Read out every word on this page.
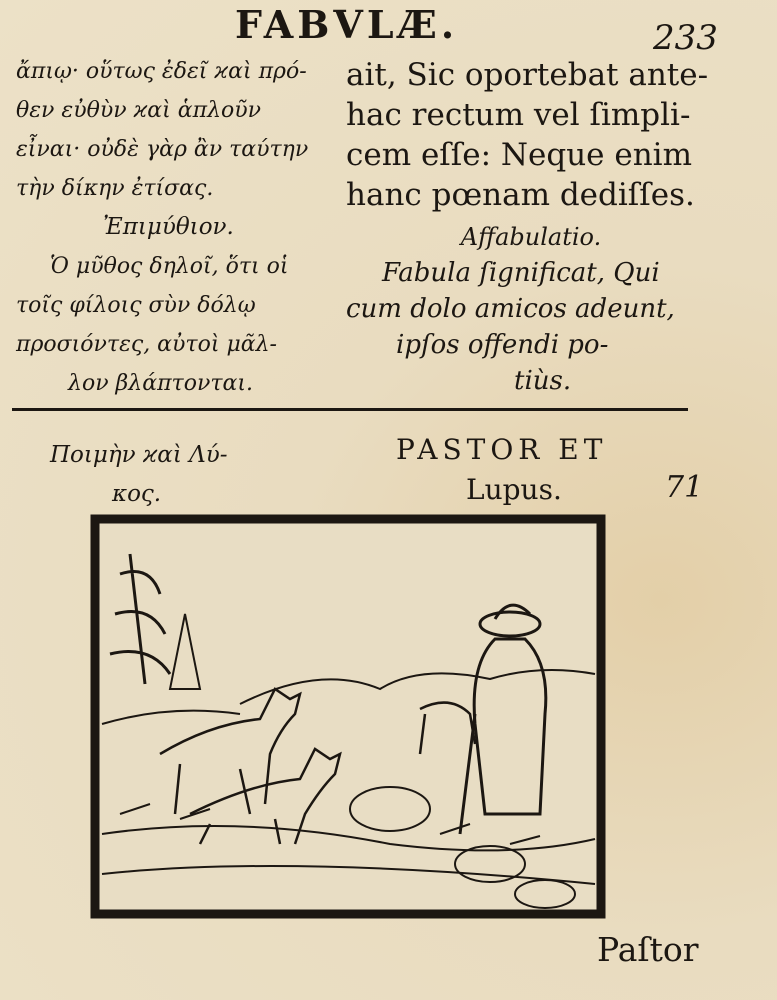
FABVLÆ.	233
ἄπιῳ· οὕτως ἐδεῖ ϰαὶ πρό-
θεν εὐθὺν ϰαὶ ἁπλοῦν
εἶναι· οὐδὲ γὰρ ἂν ταύτην
τὴν δίκην ἐτίσας.
Ἐπιμύθιον.
Ὁ μῦθος δηλοῖ, ὅτι οἱ
τοῖς φίλοις σὺν δόλῳ
προσιόντες, αὐτοὶ μᾶλ-
λον βλάπτονται.
ait, Sic oportebat ante-
hac rectum vel ſimpli-
cem eſſe: Neque enim
hanc pœnam dediſſes.
Affabulatio.
Fabula ſignificat, Qui
cum dolo amicos adeunt,
ipſos offendi po-
tiùs.
Ποιμὴν ϰαὶ Λύ-
κος.
PASTOR ET
Lupus.	71
Paſtor
